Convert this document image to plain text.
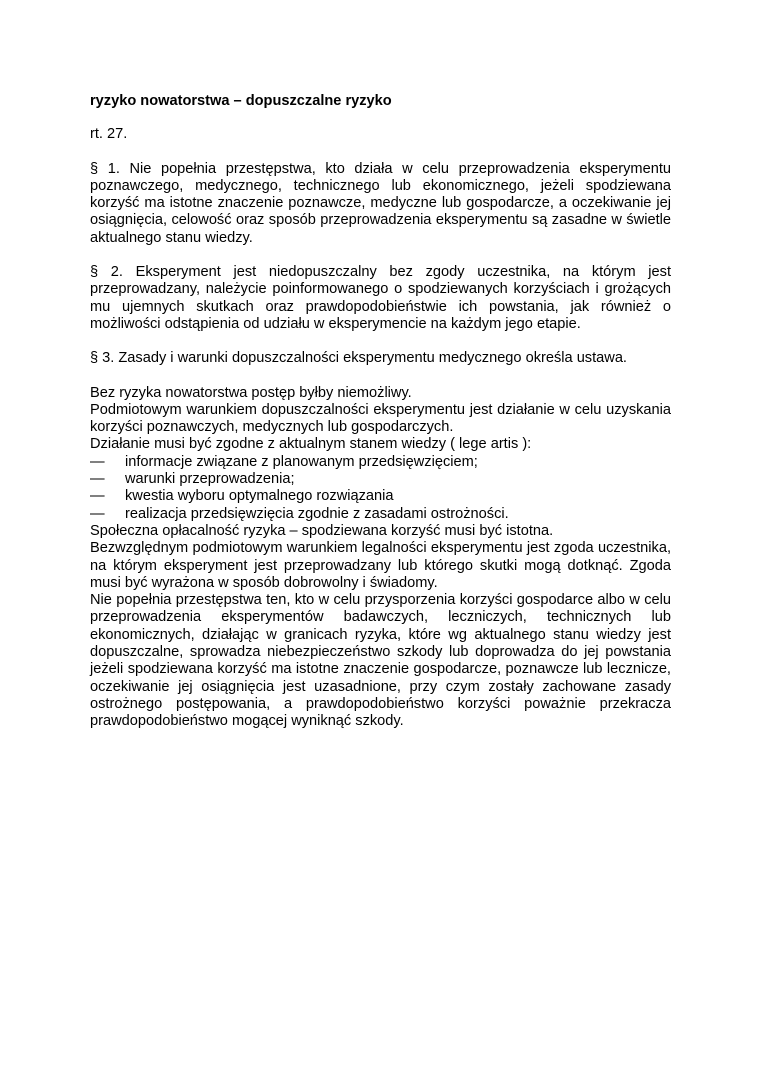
ryzyko nowatorstwa – dopuszczalne ryzyko

rt. 27.

§ 1. Nie popełnia przestępstwa, kto działa w celu przeprowadzenia eksperymentu poznawczego, medycznego, technicznego lub ekonomicznego, jeżeli spodziewana korzyść ma istotne znaczenie poznawcze, medyczne lub gospodarcze, a oczekiwanie jej osiągnięcia, celowość oraz sposób przeprowadzenia eksperymentu są zasadne w świetle aktualnego stanu wiedzy.

§ 2. Eksperyment jest niedopuszczalny bez zgody uczestnika, na którym jest przeprowadzany, należycie poinformowanego o spodziewanych korzyściach i grożących mu ujemnych skutkach oraz prawdopodobieństwie ich powstania, jak również o możliwości odstąpienia od udziału w eksperymencie na każdym jego etapie.

§ 3. Zasady i warunki dopuszczalności eksperymentu medycznego określa ustawa.

Bez ryzyka nowatorstwa postęp byłby niemożliwy.

Podmiotowym warunkiem dopuszczalności eksperymentu jest działanie w celu uzyskania korzyści poznawczych, medycznych lub gospodarczych.

Działanie musi być zgodne z aktualnym stanem wiedzy ( lege artis ):

— informacje związane z planowanym przedsięwzięciem;
— warunki przeprowadzenia;
— kwestia wyboru optymalnego rozwiązania
— realizacja przedsięwzięcia zgodnie z zasadami ostrożności.

Społeczna opłacalność ryzyka – spodziewana korzyść musi być istotna.

Bezwzględnym podmiotowym warunkiem legalności eksperymentu jest zgoda uczestnika, na którym eksperyment jest przeprowadzany lub którego skutki mogą dotknąć. Zgoda musi być wyrażona w sposób dobrowolny i świadomy.

Nie popełnia przestępstwa ten, kto w celu przysporzenia korzyści gospodarce albo w celu przeprowadzenia eksperymentów badawczych, leczniczych, technicznych lub ekonomicznych, działając w granicach ryzyka, które wg aktualnego stanu wiedzy jest dopuszczalne, sprowadza niebezpieczeństwo szkody lub doprowadza do jej powstania jeżeli spodziewana korzyść ma istotne znaczenie gospodarcze, poznawcze lub lecznicze, oczekiwanie jej osiągnięcia jest uzasadnione, przy czym zostały zachowane zasady ostrożnego postępowania, a prawdopodobieństwo korzyści poważnie przekracza prawdopodobieństwo mogącej wyniknąć szkody.
